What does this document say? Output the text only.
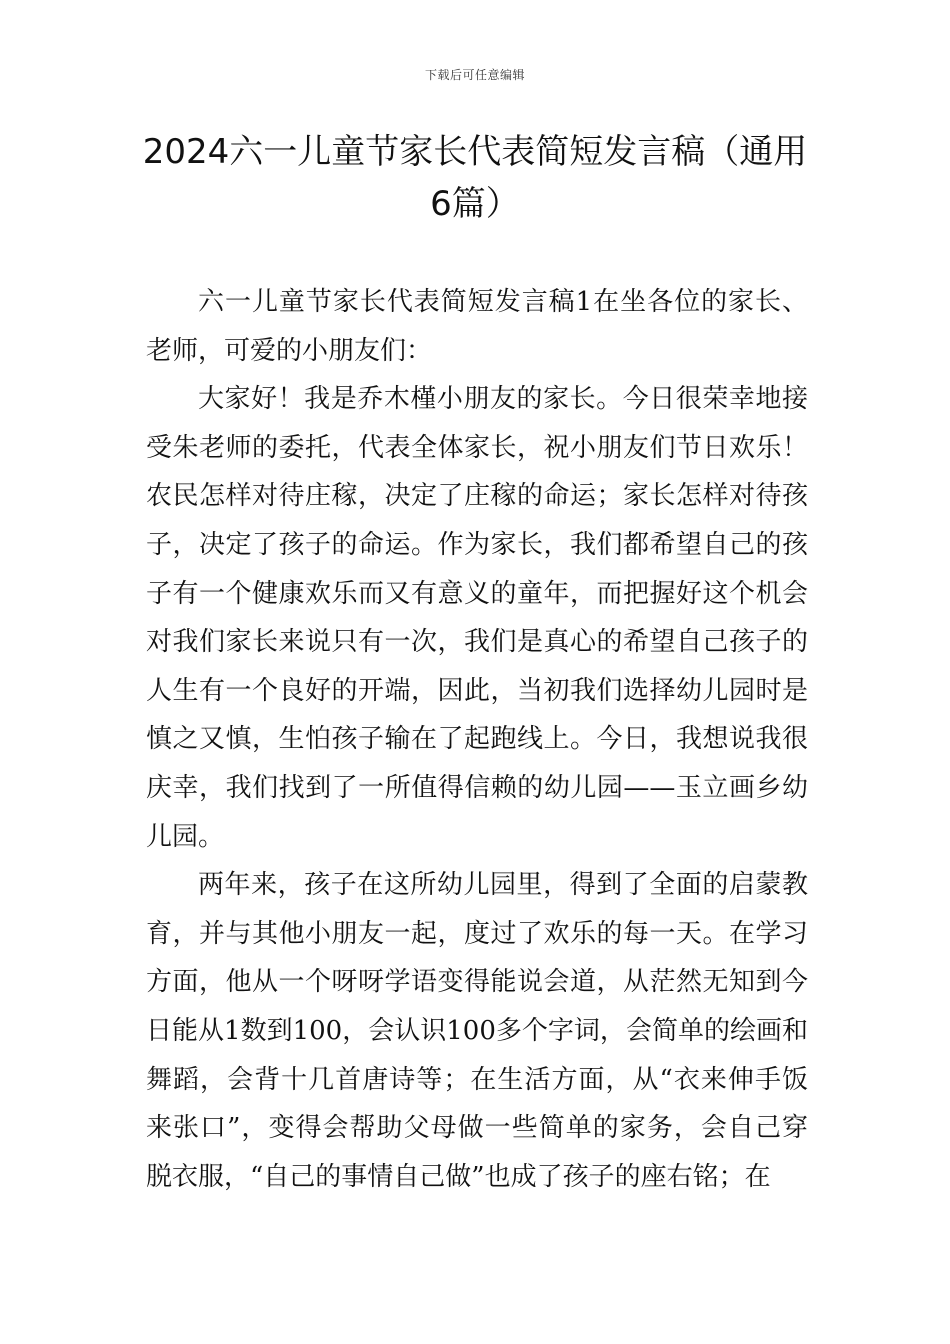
下载后可任意编辑
2024六一儿童节家长代表简短发言稿（通用6篇）

六一儿童节家长代表简短发言稿1在坐各位的家长、老师，可爱的小朋友们：

大家好！我是乔木槿小朋友的家长。今日很荣幸地接受朱老师的委托，代表全体家长，祝小朋友们节日欢乐！农民怎样对待庄稼，决定了庄稼的命运；家长怎样对待孩子，决定了孩子的命运。作为家长，我们都希望自己的孩子有一个健康欢乐而又有意义的童年，而把握好这个机会对我们家长来说只有一次，我们是真心的希望自己孩子的人生有一个良好的开端，因此，当初我们选择幼儿园时是慎之又慎，生怕孩子输在了起跑线上。今日，我想说我很庆幸，我们找到了一所值得信赖的幼儿园——玉立画乡幼儿园。

两年来，孩子在这所幼儿园里，得到了全面的启蒙教育，并与其他小朋友一起，度过了欢乐的每一天。在学习方面，他从一个呀呀学语变得能说会道，从茫然无知到今日能从1数到100，会认识100多个字词，会简单的绘画和舞蹈，会背十几首唐诗等；在生活方面，从“衣来伸手饭来张口”，变得会帮助父母做一些简单的家务，会自己穿脱衣服，“自己的事情自己做”也成了孩子的座右铭；在
